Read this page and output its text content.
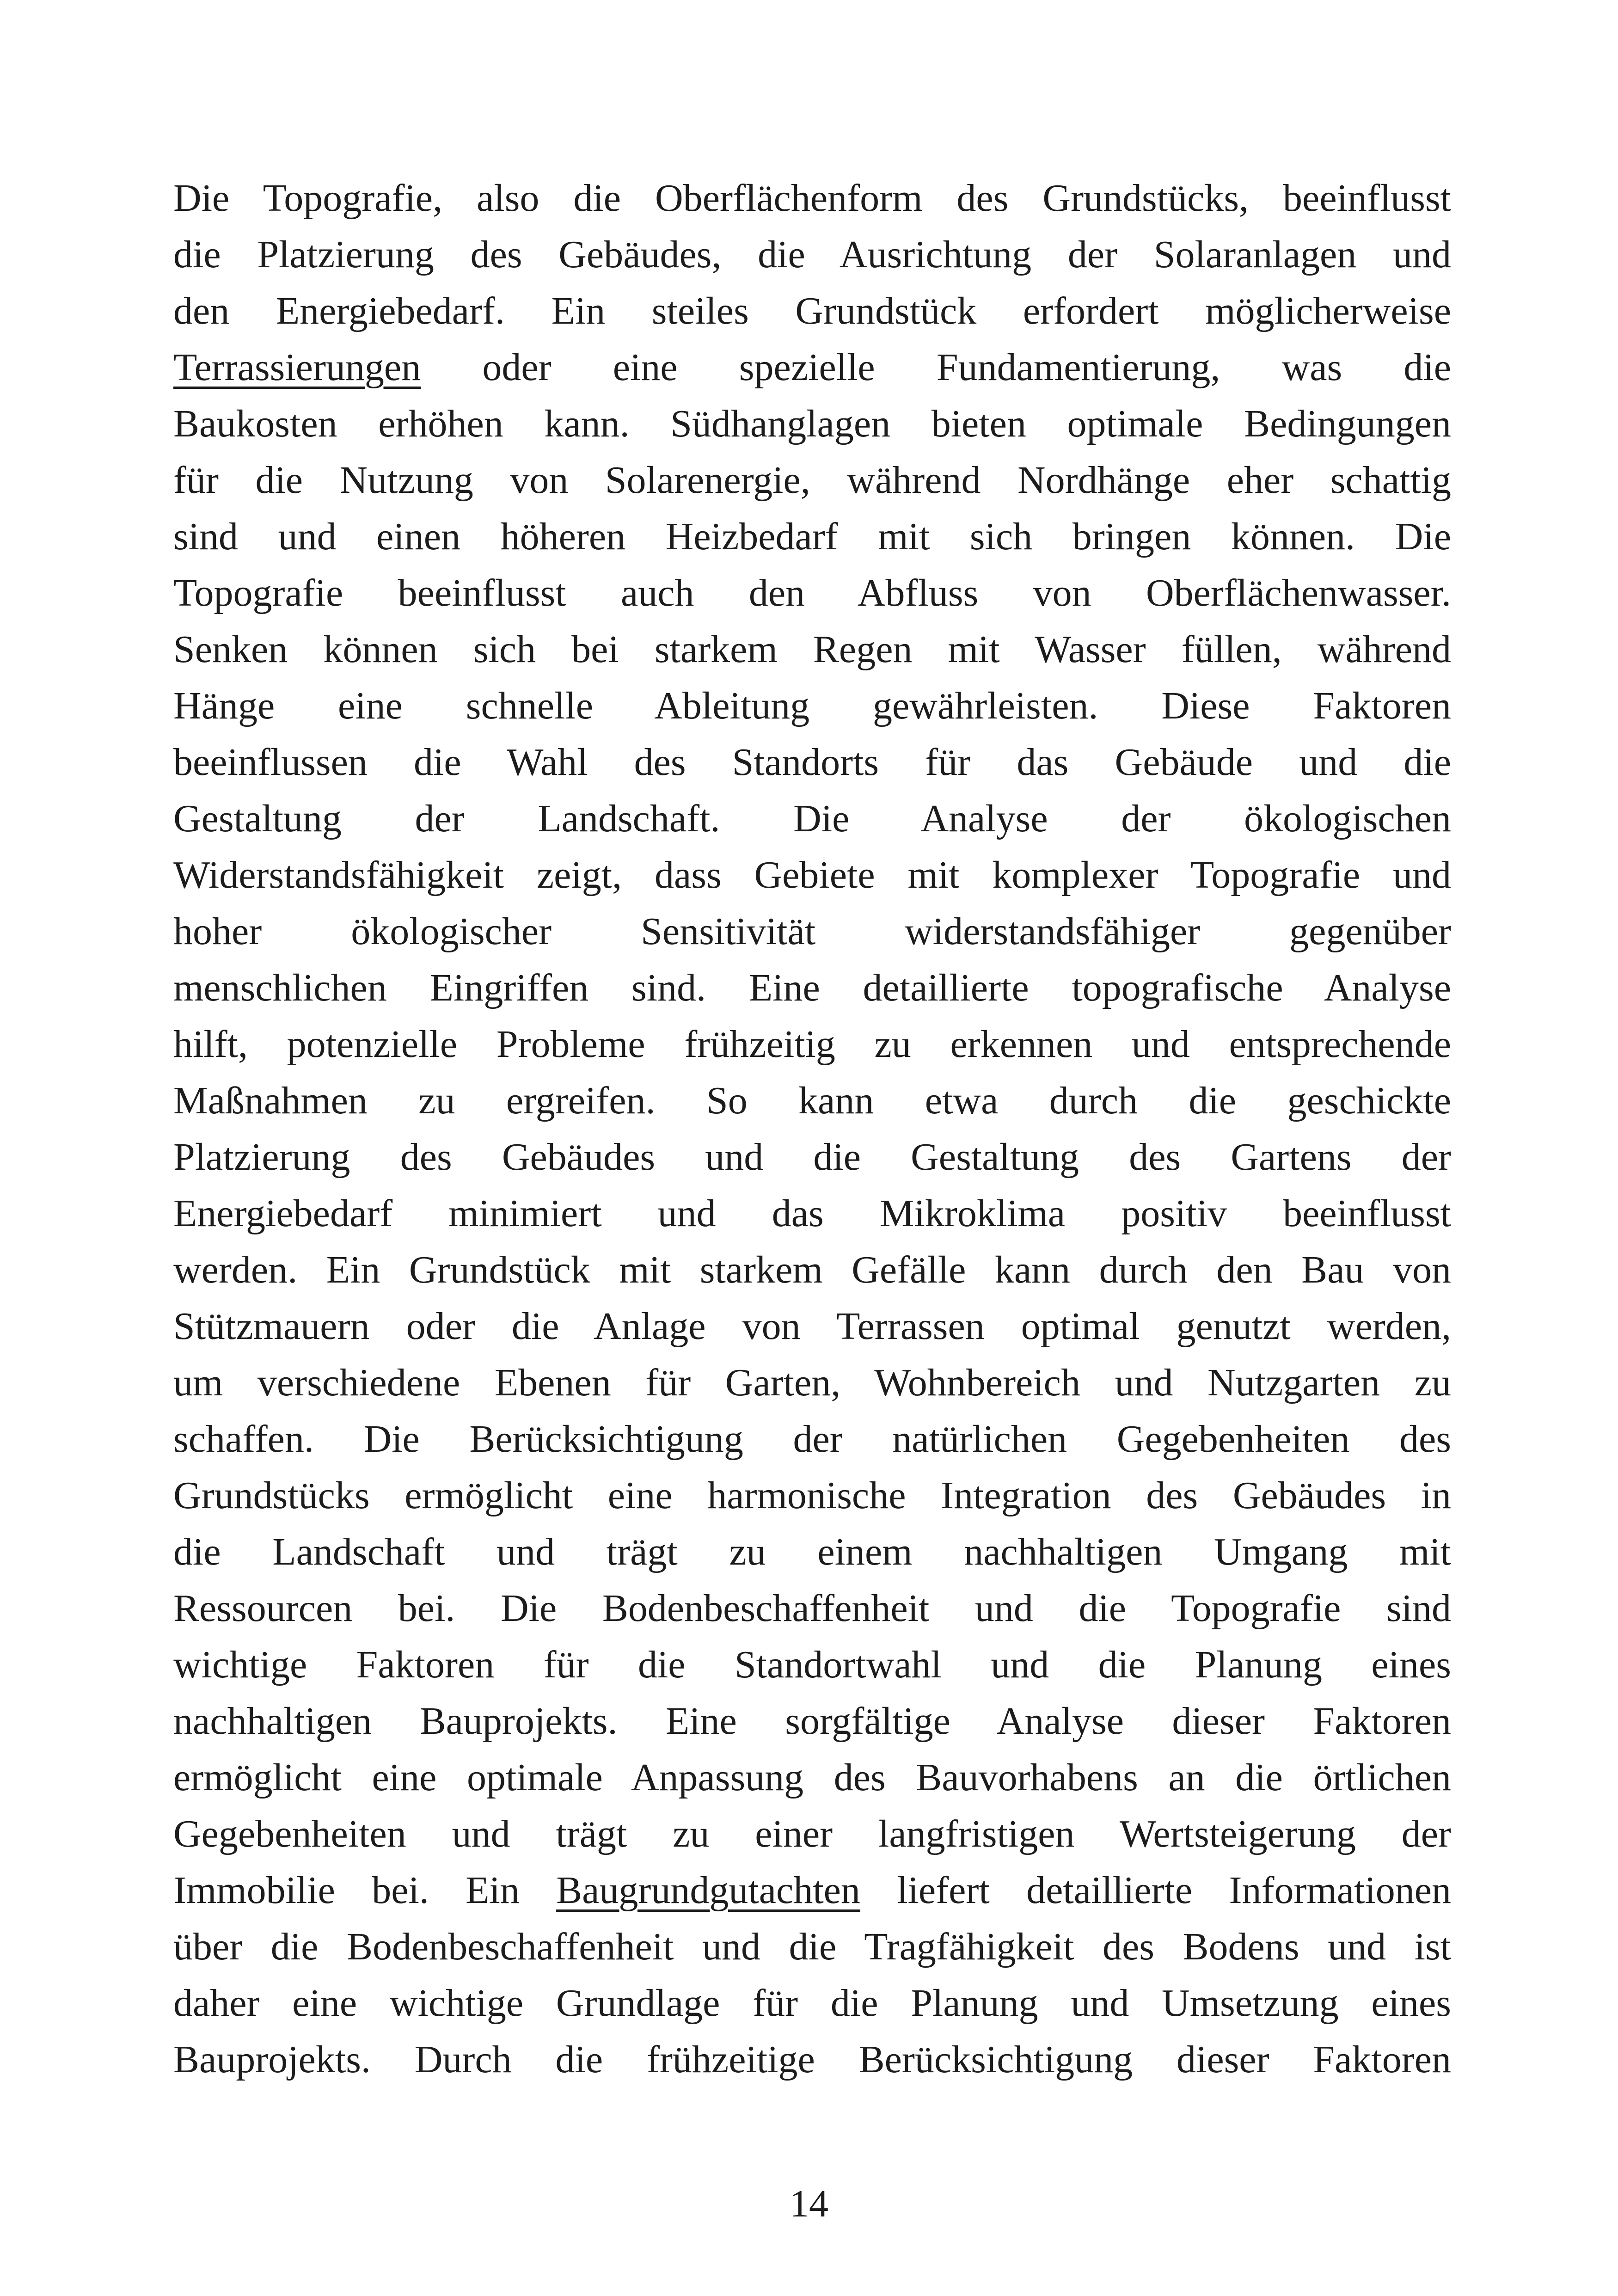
Die Topografie, also die Oberflächenform des Grundstücks, beeinflusst
die Platzierung des Gebäudes, die Ausrichtung der Solaranlagen und
den Energiebedarf. Ein steiles Grundstück erfordert möglicherweise
Terrassierungen oder eine spezielle Fundamentierung, was die
Baukosten erhöhen kann. Südhanglagen bieten optimale Bedingungen
für die Nutzung von Solarenergie, während Nordhänge eher schattig
sind und einen höheren Heizbedarf mit sich bringen können. Die
Topografie beeinflusst auch den Abfluss von Oberflächenwasser.
Senken können sich bei starkem Regen mit Wasser füllen, während
Hänge eine schnelle Ableitung gewährleisten. Diese Faktoren
beeinflussen die Wahl des Standorts für das Gebäude und die
Gestaltung der Landschaft. Die Analyse der ökologischen
Widerstandsfähigkeit zeigt, dass Gebiete mit komplexer Topografie und
hoher ökologischer Sensitivität widerstandsfähiger gegenüber
menschlichen Eingriffen sind. Eine detaillierte topografische Analyse
hilft, potenzielle Probleme frühzeitig zu erkennen und entsprechende
Maßnahmen zu ergreifen. So kann etwa durch die geschickte
Platzierung des Gebäudes und die Gestaltung des Gartens der
Energiebedarf minimiert und das Mikroklima positiv beeinflusst
werden. Ein Grundstück mit starkem Gefälle kann durch den Bau von
Stützmauern oder die Anlage von Terrassen optimal genutzt werden,
um verschiedene Ebenen für Garten, Wohnbereich und Nutzgarten zu
schaffen. Die Berücksichtigung der natürlichen Gegebenheiten des
Grundstücks ermöglicht eine harmonische Integration des Gebäudes in
die Landschaft und trägt zu einem nachhaltigen Umgang mit
Ressourcen bei. Die Bodenbeschaffenheit und die Topografie sind
wichtige Faktoren für die Standortwahl und die Planung eines
nachhaltigen Bauprojekts. Eine sorgfältige Analyse dieser Faktoren
ermöglicht eine optimale Anpassung des Bauvorhabens an die örtlichen
Gegebenheiten und trägt zu einer langfristigen Wertsteigerung der
Immobilie bei. Ein Baugrundgutachten liefert detaillierte Informationen
über die Bodenbeschaffenheit und die Tragfähigkeit des Bodens und ist
daher eine wichtige Grundlage für die Planung und Umsetzung eines
Bauprojekts. Durch die frühzeitige Berücksichtigung dieser Faktoren
14
